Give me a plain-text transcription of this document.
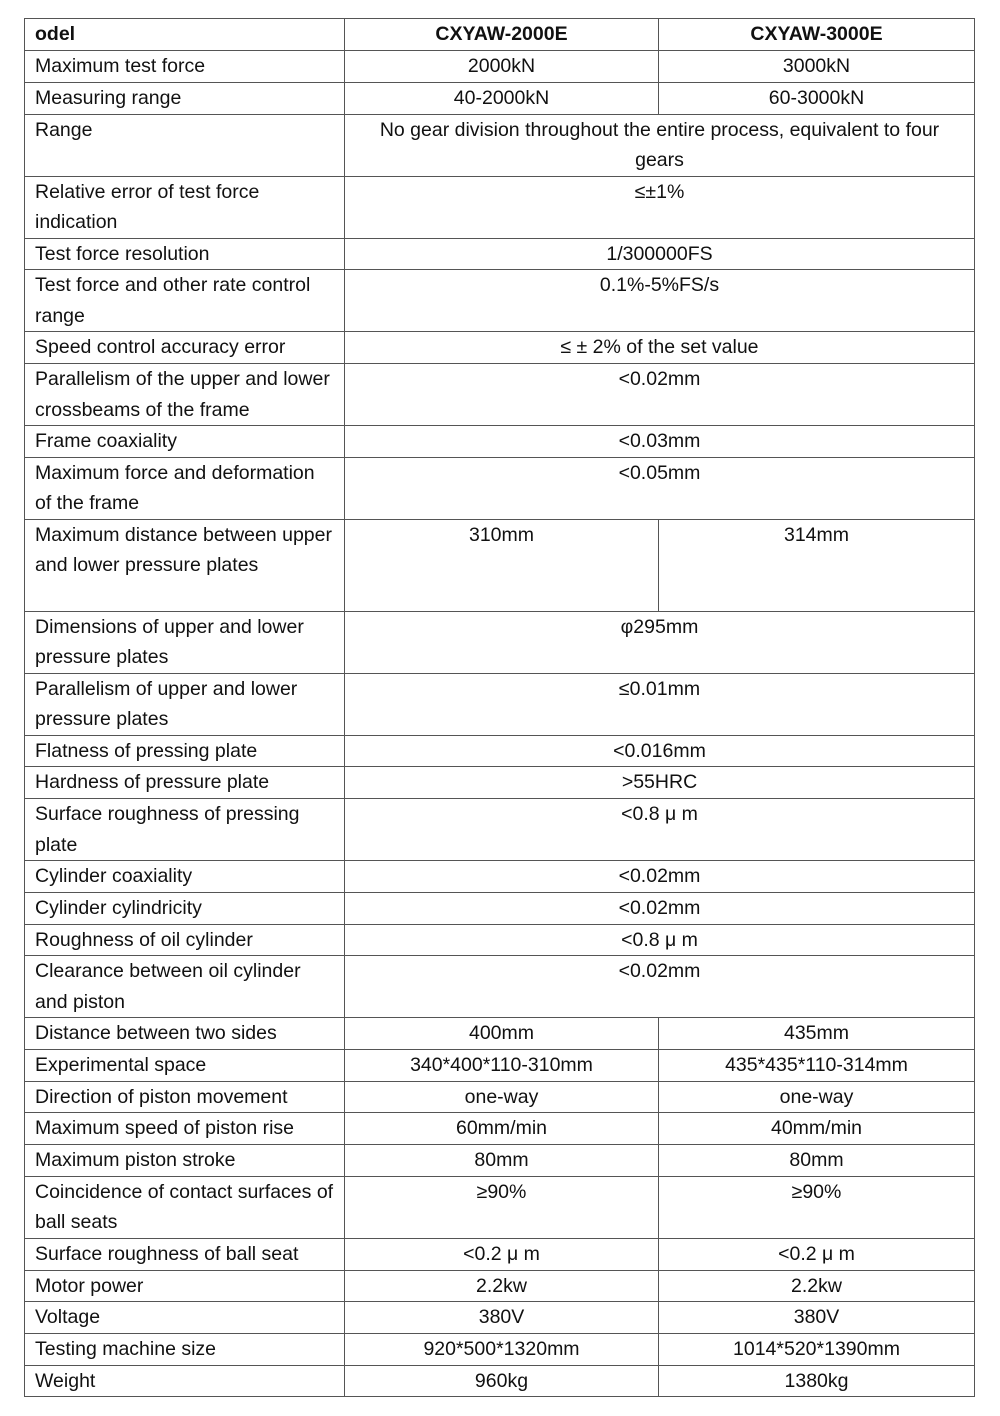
odel	CXYAW-2000E	CXYAW-3000E
Maximum test force	2000kN	3000kN
Measuring range	40-2000kN	60-3000kN
Range	No gear division throughout the entire process, equivalent to four gears	
Relative error of test force indication	≤±1%	
Test force resolution	1/300000FS	
Test force and other rate control range	0.1%-5%FS/s	
Speed control accuracy error	≤ ± 2% of the set value	
Parallelism of the upper and lower crossbeams of the frame	<0.02mm	
Frame coaxiality	<0.03mm	
Maximum force and deformation of the frame	<0.05mm	
Maximum distance between upper and lower pressure plates	310mm	314mm
Dimensions of upper and lower pressure plates	φ295mm	
Parallelism of upper and lower pressure plates	≤0.01mm	
Flatness of pressing plate	<0.016mm	
Hardness of pressure plate	>55HRC	
Surface roughness of pressing plate	<0.8 μ m	
Cylinder coaxiality	<0.02mm	
Cylinder cylindricity	<0.02mm	
Roughness of oil cylinder	<0.8 μ m	
Clearance between oil cylinder and piston	<0.02mm	
Distance between two sides	400mm	435mm
Experimental space	340*400*110-310mm	435*435*110-314mm
Direction of piston movement	one-way	one-way
Maximum speed of piston rise	60mm/min	40mm/min
Maximum piston stroke	80mm	80mm
Coincidence of contact surfaces of ball seats	≥90%	≥90%
Surface roughness of ball seat	<0.2 μ m	<0.2 μ m
Motor power	2.2kw	2.2kw
Voltage	380V	380V
Testing machine size	920*500*1320mm	1014*520*1390mm
Weight	960kg	1380kg
